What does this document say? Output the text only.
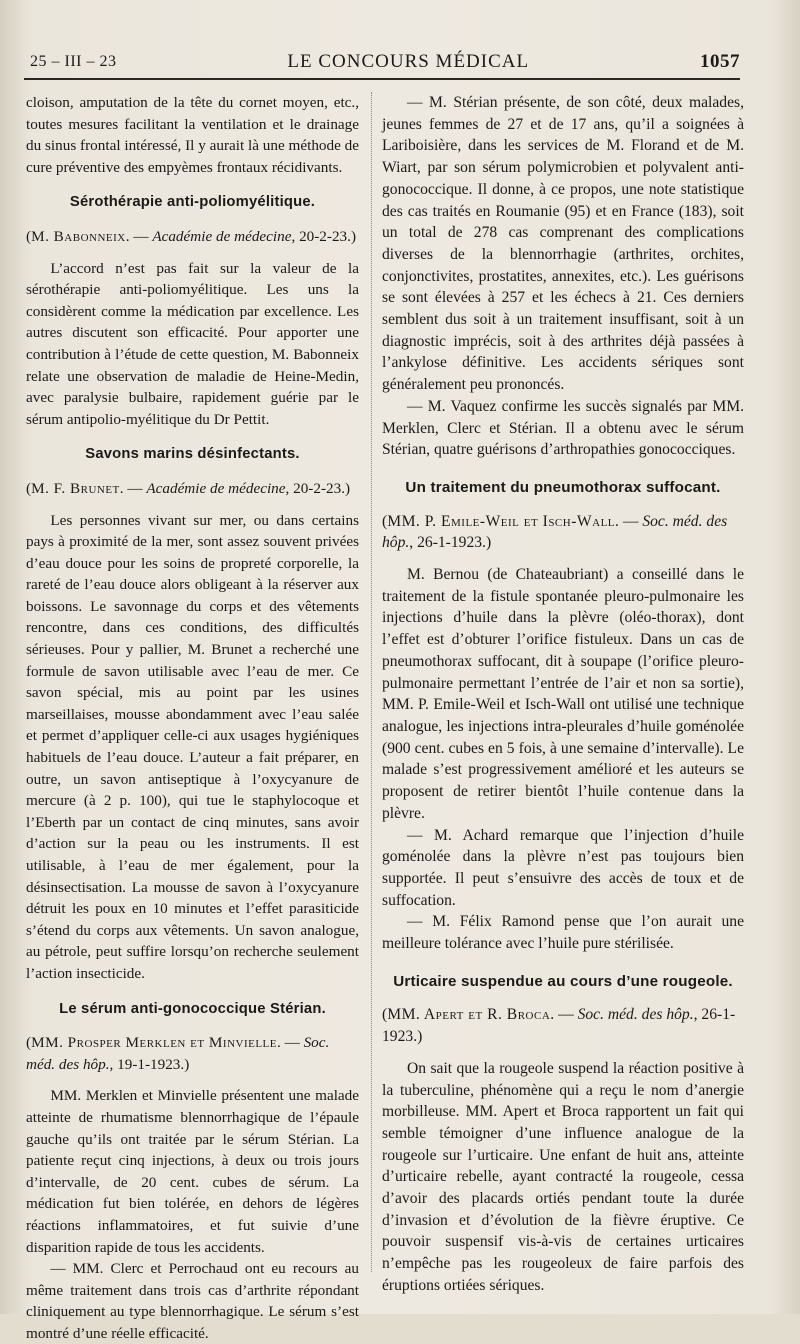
25 – III – 23	LE CONCOURS MÉDICAL	1057

cloison, amputation de la tête du cornet moyen, etc., toutes mesures facilitant la ventilation et le drainage du sinus frontal intéressé, Il y aurait là une méthode de cure préventive des empyèmes frontaux récidivants.

Sérothérapie anti-poliomyélitique.

(M. Babonneix. — Académie de médecine, 20-2-23.)

L’accord n’est pas fait sur la valeur de la sérothérapie anti-poliomyélitique. Les uns la considèrent comme la médication par excellence. Les autres discutent son efficacité. Pour apporter une contribution à l’étude de cette question, M. Babonneix relate une observation de maladie de Heine-Medin, avec paralysie bulbaire, rapidement guérie par le sérum antipolio-myélitique du Dr Pettit.

Savons marins désinfectants.

(M. F. Brunet. — Académie de médecine, 20-2-23.)

Les personnes vivant sur mer, ou dans certains pays à proximité de la mer, sont assez souvent privées d’eau douce pour les soins de propreté corporelle, la rareté de l’eau douce alors obligeant à la réserver aux boissons. Le savonnage du corps et des vêtements rencontre, dans ces conditions, des difficultés sérieuses. Pour y pallier, M. Brunet a recherché une formule de savon utilisable avec l’eau de mer. Ce savon spécial, mis au point par les usines marseillaises, mousse abondamment avec l’eau salée et permet d’appliquer celle-ci aux usages hygiéniques habituels de l’eau douce. L’auteur a fait préparer, en outre, un savon antiseptique à l’oxycyanure de mercure (à 2 p. 100), qui tue le staphylocoque et l’Eberth par un contact de cinq minutes, sans avoir d’action sur la peau ou les instruments. Il est utilisable, à l’eau de mer également, pour la désinsectisation. La mousse de savon à l’oxycyanure détruit les poux en 10 minutes et l’effet parasiticide s’étend du corps aux vêtements. Un savon analogue, au pétrole, peut suffire lorsqu’on recherche seulement l’action insecticide.

Le sérum anti-gonococcique Stérian.

(MM. Prosper Merklen et Minvielle. — Soc. méd. des hôp., 19-1-1923.)

MM. Merklen et Minvielle présentent une malade atteinte de rhumatisme blennorrhagique de l’épaule gauche qu’ils ont traitée par le sérum Stérian. La patiente reçut cinq injections, à deux ou trois jours d’intervalle, de 20 cent. cubes de sérum. La médication fut bien tolérée, en dehors de légères réactions inflammatoires, et fut suivie d’une disparition rapide de tous les accidents.

— MM. Clerc et Perrochaud ont eu recours au même traitement dans trois cas d’arthrite répondant cliniquement au type blennorrhagique. Le sérum s’est montré d’une réelle efficacité.

— M. Stérian présente, de son côté, deux malades, jeunes femmes de 27 et de 17 ans, qu’il a soignées à Lariboisière, dans les services de M. Florand et de M. Wiart, par son sérum polymicrobien et polyvalent anti-gonococcique. Il donne, à ce propos, une note statistique des cas traités en Roumanie (95) et en France (183), soit un total de 278 cas comprenant des complications diverses de la blennorrhagie (arthrites, orchites, conjonctivites, prostatites, annexites, etc.). Les guérisons se sont élevées à 257 et les échecs à 21. Ces derniers semblent dus soit à un traitement insuffisant, soit à un diagnostic imprécis, soit à des arthrites déjà passées à l’ankylose définitive. Les accidents sériques sont généralement peu prononcés.

— M. Vaquez confirme les succès signalés par MM. Merklen, Clerc et Stérian. Il a obtenu avec le sérum Stérian, quatre guérisons d’arthropathies gonococciques.

Un traitement du pneumothorax suffocant.

(MM. P. Emile-Weil et Isch-Wall. — Soc. méd. des hôp., 26-1-1923.)

M. Bernou (de Chateaubriant) a conseillé dans le traitement de la fistule spontanée pleuro-pulmonaire les injections d’huile dans la plèvre (oléo-thorax), dont l’effet est d’obturer l’orifice fistuleux. Dans un cas de pneumothorax suffocant, dit à soupape (l’orifice pleuro-pulmonaire permettant l’entrée de l’air et non sa sortie), MM. P. Emile-Weil et Isch-Wall ont utilisé une technique analogue, les injections intra-pleurales d’huile goménolée (900 cent. cubes en 5 fois, à une semaine d’intervalle). Le malade s’est progressivement amélioré et les auteurs se proposent de retirer bientôt l’huile contenue dans la plèvre.

— M. Achard remarque que l’injection d’huile goménolée dans la plèvre n’est pas toujours bien supportée. Il peut s’ensuivre des accès de toux et de suffocation.

— M. Félix Ramond pense que l’on aurait une meilleure tolérance avec l’huile pure stérilisée.

Urticaire suspendue au cours d’une rougeole.

(MM. Apert et R. Broca. — Soc. méd. des hôp., 26-1-1923.)

On sait que la rougeole suspend la réaction positive à la tuberculine, phénomène qui a reçu le nom d’anergie morbilleuse. MM. Apert et Broca rapportent un fait qui semble témoigner d’une influence analogue de la rougeole sur l’urticaire. Une enfant de huit ans, atteinte d’urticaire rebelle, ayant contracté la rougeole, cessa d’avoir des placards ortiés pendant toute la durée d’invasion et d’évolution de la fièvre éruptive. Ce pouvoir suspensif vis-à-vis de certaines urticaires n’empêche pas les rougeoleux de faire parfois des éruptions ortiées sériques.
